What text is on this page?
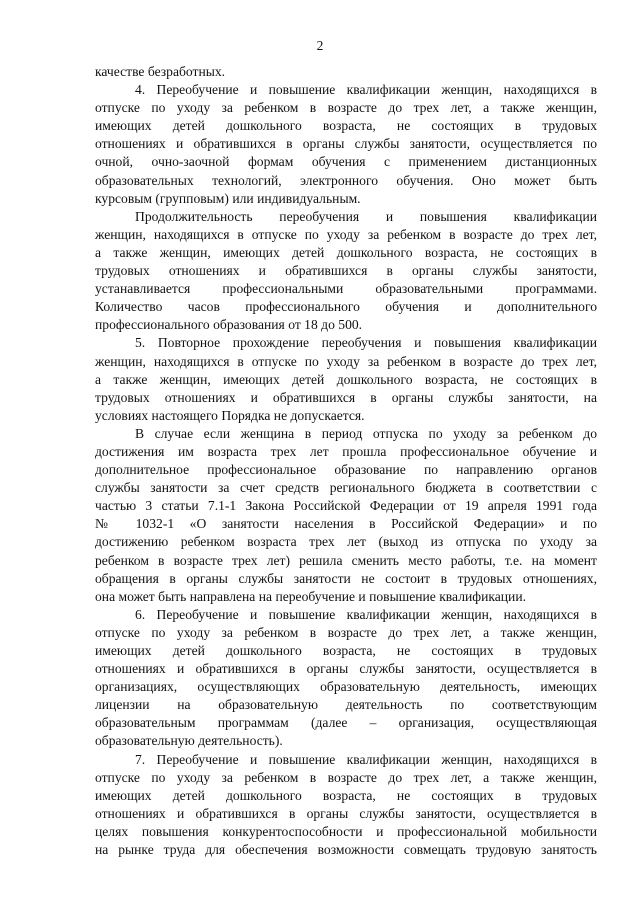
2
качестве безработных.
4. Переобучение и повышение квалификации женщин, находящихся в
отпуске по уходу за ребенком в возрасте до трех лет, а также женщин,
имеющих детей дошкольного возраста, не состоящих в трудовых
отношениях и обратившихся в органы службы занятости, осуществляется по
очной, очно-заочной формам обучения с применением дистанционных
образовательных технологий, электронного обучения. Оно может быть
курсовым (групповым) или индивидуальным.
Продолжительность переобучения и повышения квалификации
женщин, находящихся в отпуске по уходу за ребенком в возрасте до трех лет,
а также женщин, имеющих детей дошкольного возраста, не состоящих в
трудовых отношениях и обратившихся в органы службы занятости,
устанавливается профессиональными образовательными программами.
Количество часов профессионального обучения и дополнительного
профессионального образования от 18 до 500.
5. Повторное прохождение переобучения и повышения квалификации
женщин, находящихся в отпуске по уходу за ребенком в возрасте до трех лет,
а также женщин, имеющих детей дошкольного возраста, не состоящих в
трудовых отношениях и обратившихся в органы службы занятости, на
условиях настоящего Порядка не допускается.
В случае если женщина в период отпуска по уходу за ребенком до
достижения им возраста трех лет прошла профессиональное обучение и
дополнительное профессиональное образование по направлению органов
службы занятости за счет средств регионального бюджета в соответствии с
частью 3 статьи 7.1-1 Закона Российской Федерации от 19 апреля 1991 года
№ 1032-1 «О занятости населения в Российской Федерации» и по
достижению ребенком возраста трех лет (выход из отпуска по уходу за
ребенком в возрасте трех лет) решила сменить место работы, т.е. на момент
обращения в органы службы занятости не состоит в трудовых отношениях,
она может быть направлена на переобучение и повышение квалификации.
6. Переобучение и повышение квалификации женщин, находящихся в
отпуске по уходу за ребенком в возрасте до трех лет, а также женщин,
имеющих детей дошкольного возраста, не состоящих в трудовых
отношениях и обратившихся в органы службы занятости, осуществляется в
организациях, осуществляющих образовательную деятельность, имеющих
лицензии на образовательную деятельность по соответствующим
образовательным программам (далее – организация, осуществляющая
образовательную деятельность).
7. Переобучение и повышение квалификации женщин, находящихся в
отпуске по уходу за ребенком в возрасте до трех лет, а также женщин,
имеющих детей дошкольного возраста, не состоящих в трудовых
отношениях и обратившихся в органы службы занятости, осуществляется в
целях повышения конкурентоспособности и профессиональной мобильности
на рынке труда для обеспечения возможности совмещать трудовую занятость
